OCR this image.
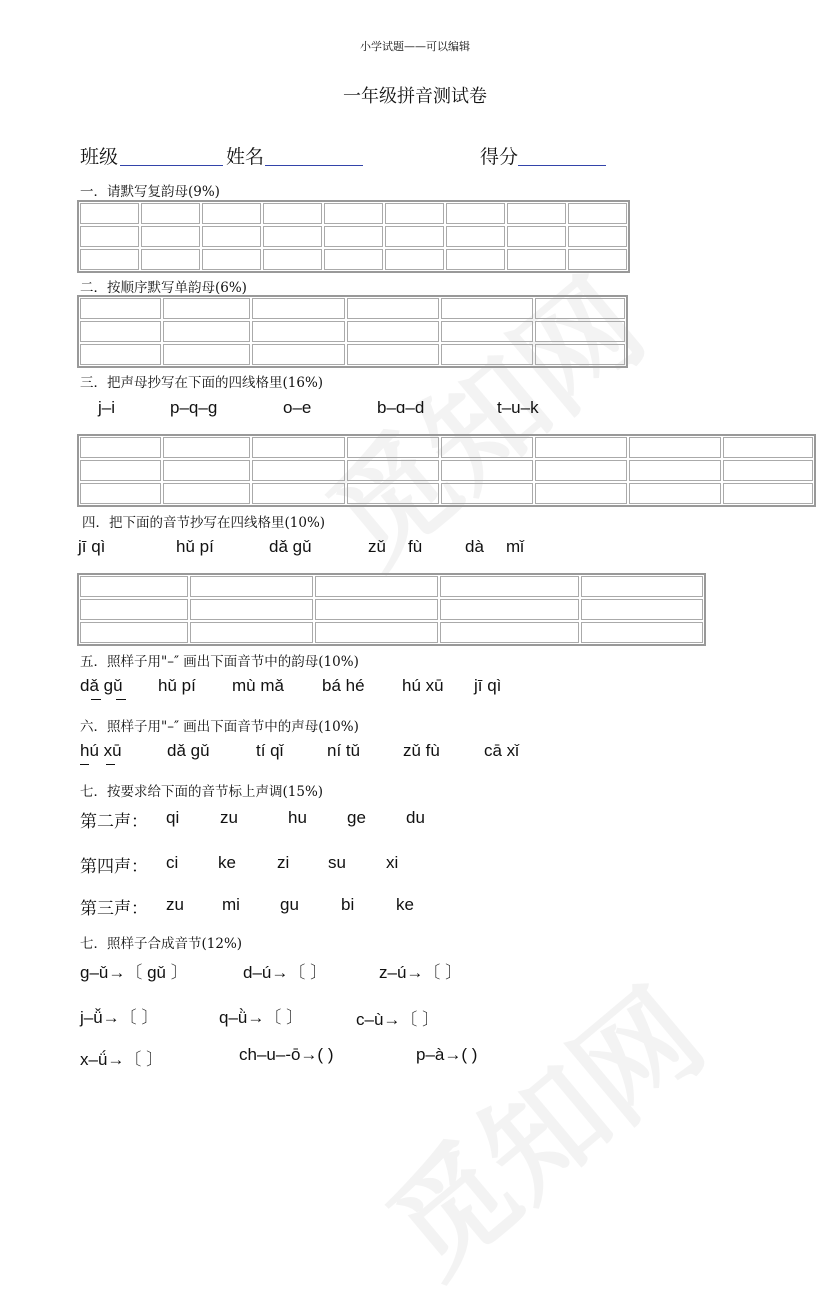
小学试题——可以编辑
一年级拼音测试卷
班级	姓名	得分
一．请默写复韵母(9%)
二．按顺序默写单韵母(6%)
三．把声母抄写在下面的四线格里(16%)
j–i	p–q–g	o–e	b–ɑ–d	t–u–k
四．把下面的音节抄写在四线格里(10%)
jī qì	hǔ pí	dǎ gǔ	zǔ fù	dà mǐ
五．照样子用"–″ 画出下面音节中的韵母(10%)
dǎ gǔ hǔ pí mù mǎ bá hé hú xū jī qì
六．照样子用"–″ 画出下面音节中的声母(10%)
hú xū	dǎ gǔ	tí qǐ	ní tǔ	zǔ fù	cā xǐ
七．按要求给下面的音节标上声调(15%)
第二声： qi zu	hu ge du
第四声： ci ke zi su xi
第三声： zu mi gu bi ke
七．照样子合成音节(12%)
g–ǔ→〔 gǔ 〕	d–ú→〔 〕	z–ú→〔 〕
j–ǚ→〔 〕	q–ǜ→〔 〕	c–ù→〔 〕
x–ǘ→〔 〕	ch–u–-ō→( )	p–à→( )
